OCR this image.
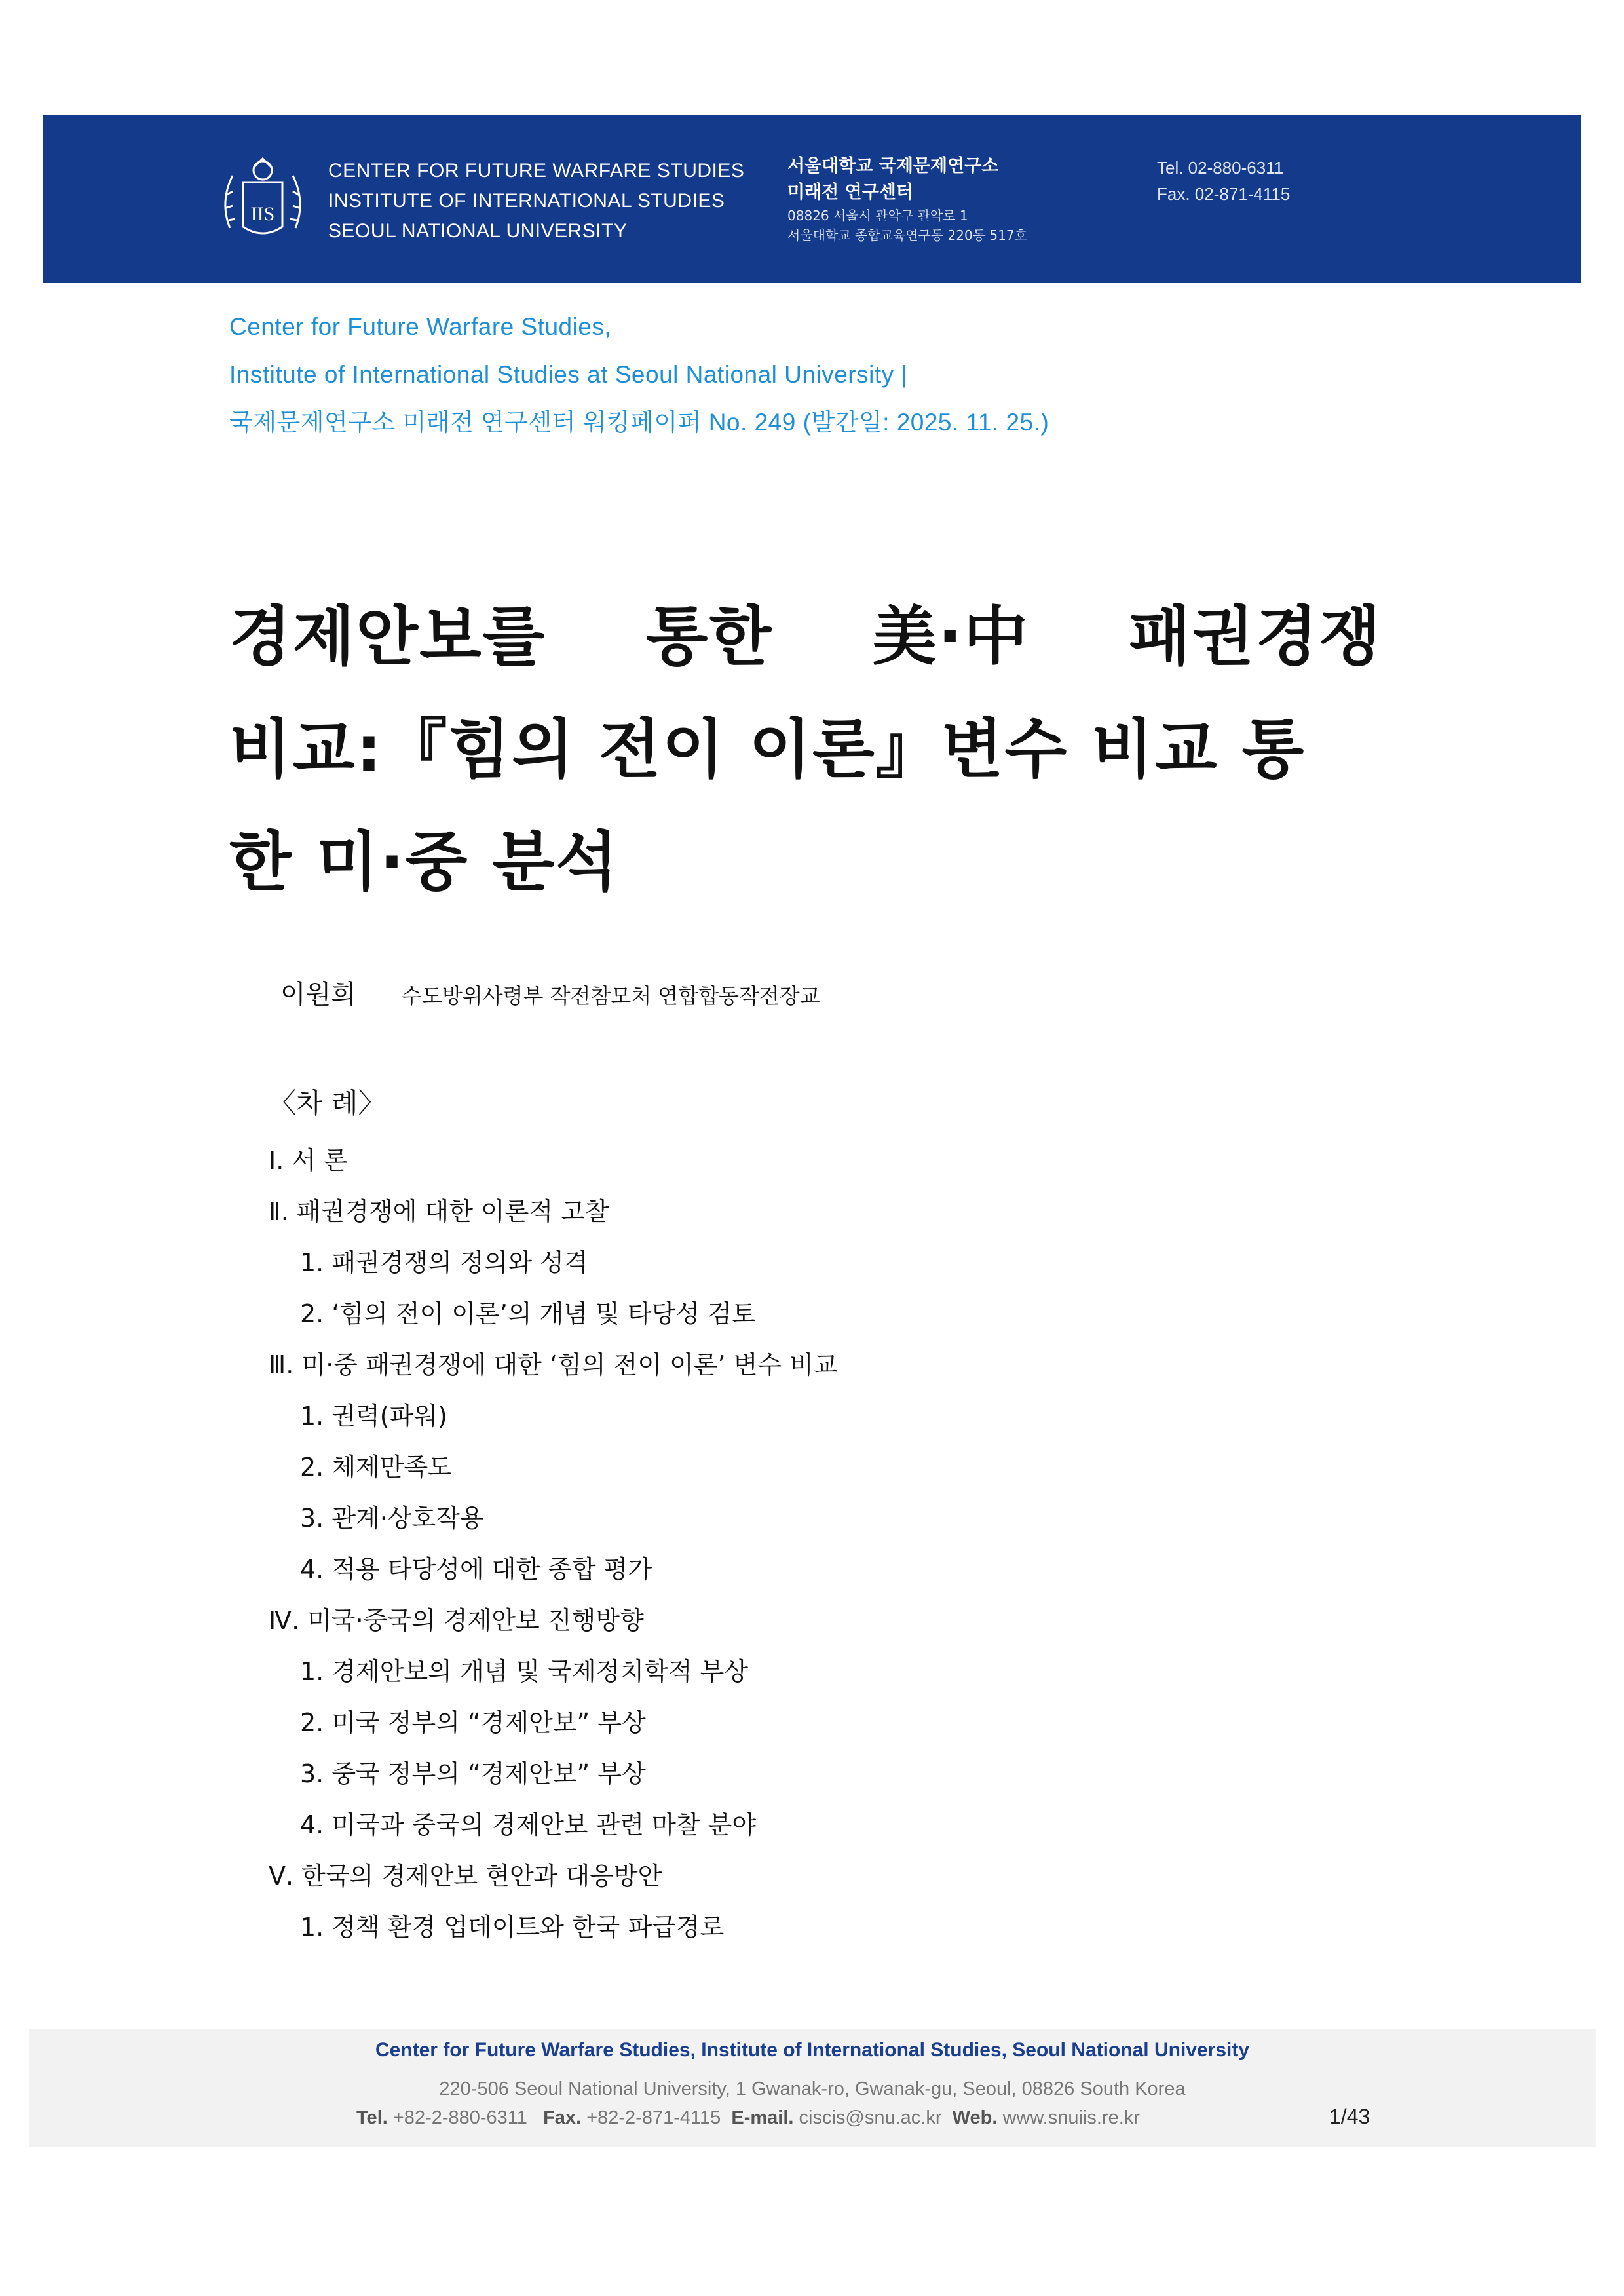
IIS
CENTER FOR FUTURE WARFARE STUDIES
INSTITUTE OF INTERNATIONAL STUDIES
SEOUL NATIONAL UNIVERSITY
서울대학교 국제문제연구소
미래전 연구센터
08826 서울시 관악구 관악로 1
서울대학교 종합교육연구동 220동 517호
Tel. 02-880-6311
Fax. 02-871-4115
Center for Future Warfare Studies,
Institute of International Studies at Seoul National University |
국제문제연구소 미래전 연구센터 워킹페이퍼 No. 249 (발간일: 2025. 11. 25.)
경제안보를 통한 美·中 패권경쟁
비교:『힘의 전이 이론』변수 비교 통
한 미·중 분석
이원희 수도방위사령부 작전참모처 연합합동작전장교
〈차 례〉
Ⅰ. 서 론
Ⅱ. 패권경쟁에 대한 이론적 고찰
1. 패권경쟁의 정의와 성격
2. ‘힘의 전이 이론’의 개념 및 타당성 검토
Ⅲ. 미·중 패권경쟁에 대한 ‘힘의 전이 이론’ 변수 비교
1. 권력(파워)
2. 체제만족도
3. 관계·상호작용
4. 적용 타당성에 대한 종합 평가
Ⅳ. 미국·중국의 경제안보 진행방향
1. 경제안보의 개념 및 국제정치학적 부상
2. 미국 정부의 “경제안보” 부상
3. 중국 정부의 “경제안보” 부상
4. 미국과 중국의 경제안보 관련 마찰 분야
Ⅴ. 한국의 경제안보 현안과 대응방안
1. 정책 환경 업데이트와 한국 파급경로
Center for Future Warfare Studies, Institute of International Studies, Seoul National University
220-506 Seoul National University, 1 Gwanak-ro, Gwanak-gu, Seoul, 08826 South Korea
Tel. +82-2-880-6311 Fax. +82-2-871-4115 E-mail. ciscis@snu.ac.kr Web. www.snuiis.re.kr	1/43
